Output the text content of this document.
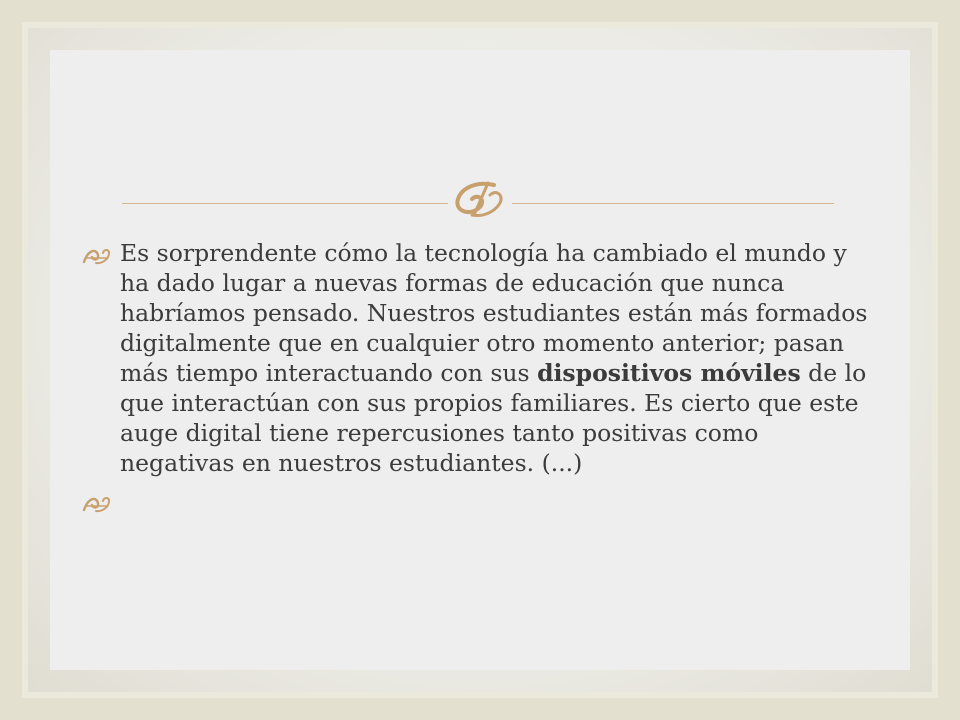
Es sorprendente cómo la tecnología ha cambiado el mundo y ha dado lugar a nuevas formas de educación que nunca habríamos pensado. Nuestros estudiantes están más formados digitalmente que en cualquier otro momento anterior; pasan más tiempo interactuando con sus dispositivos móviles de lo que interactúan con sus propios familiares. Es cierto que este auge digital tiene repercusiones tanto positivas como negativas en nuestros estudiantes. (...)
